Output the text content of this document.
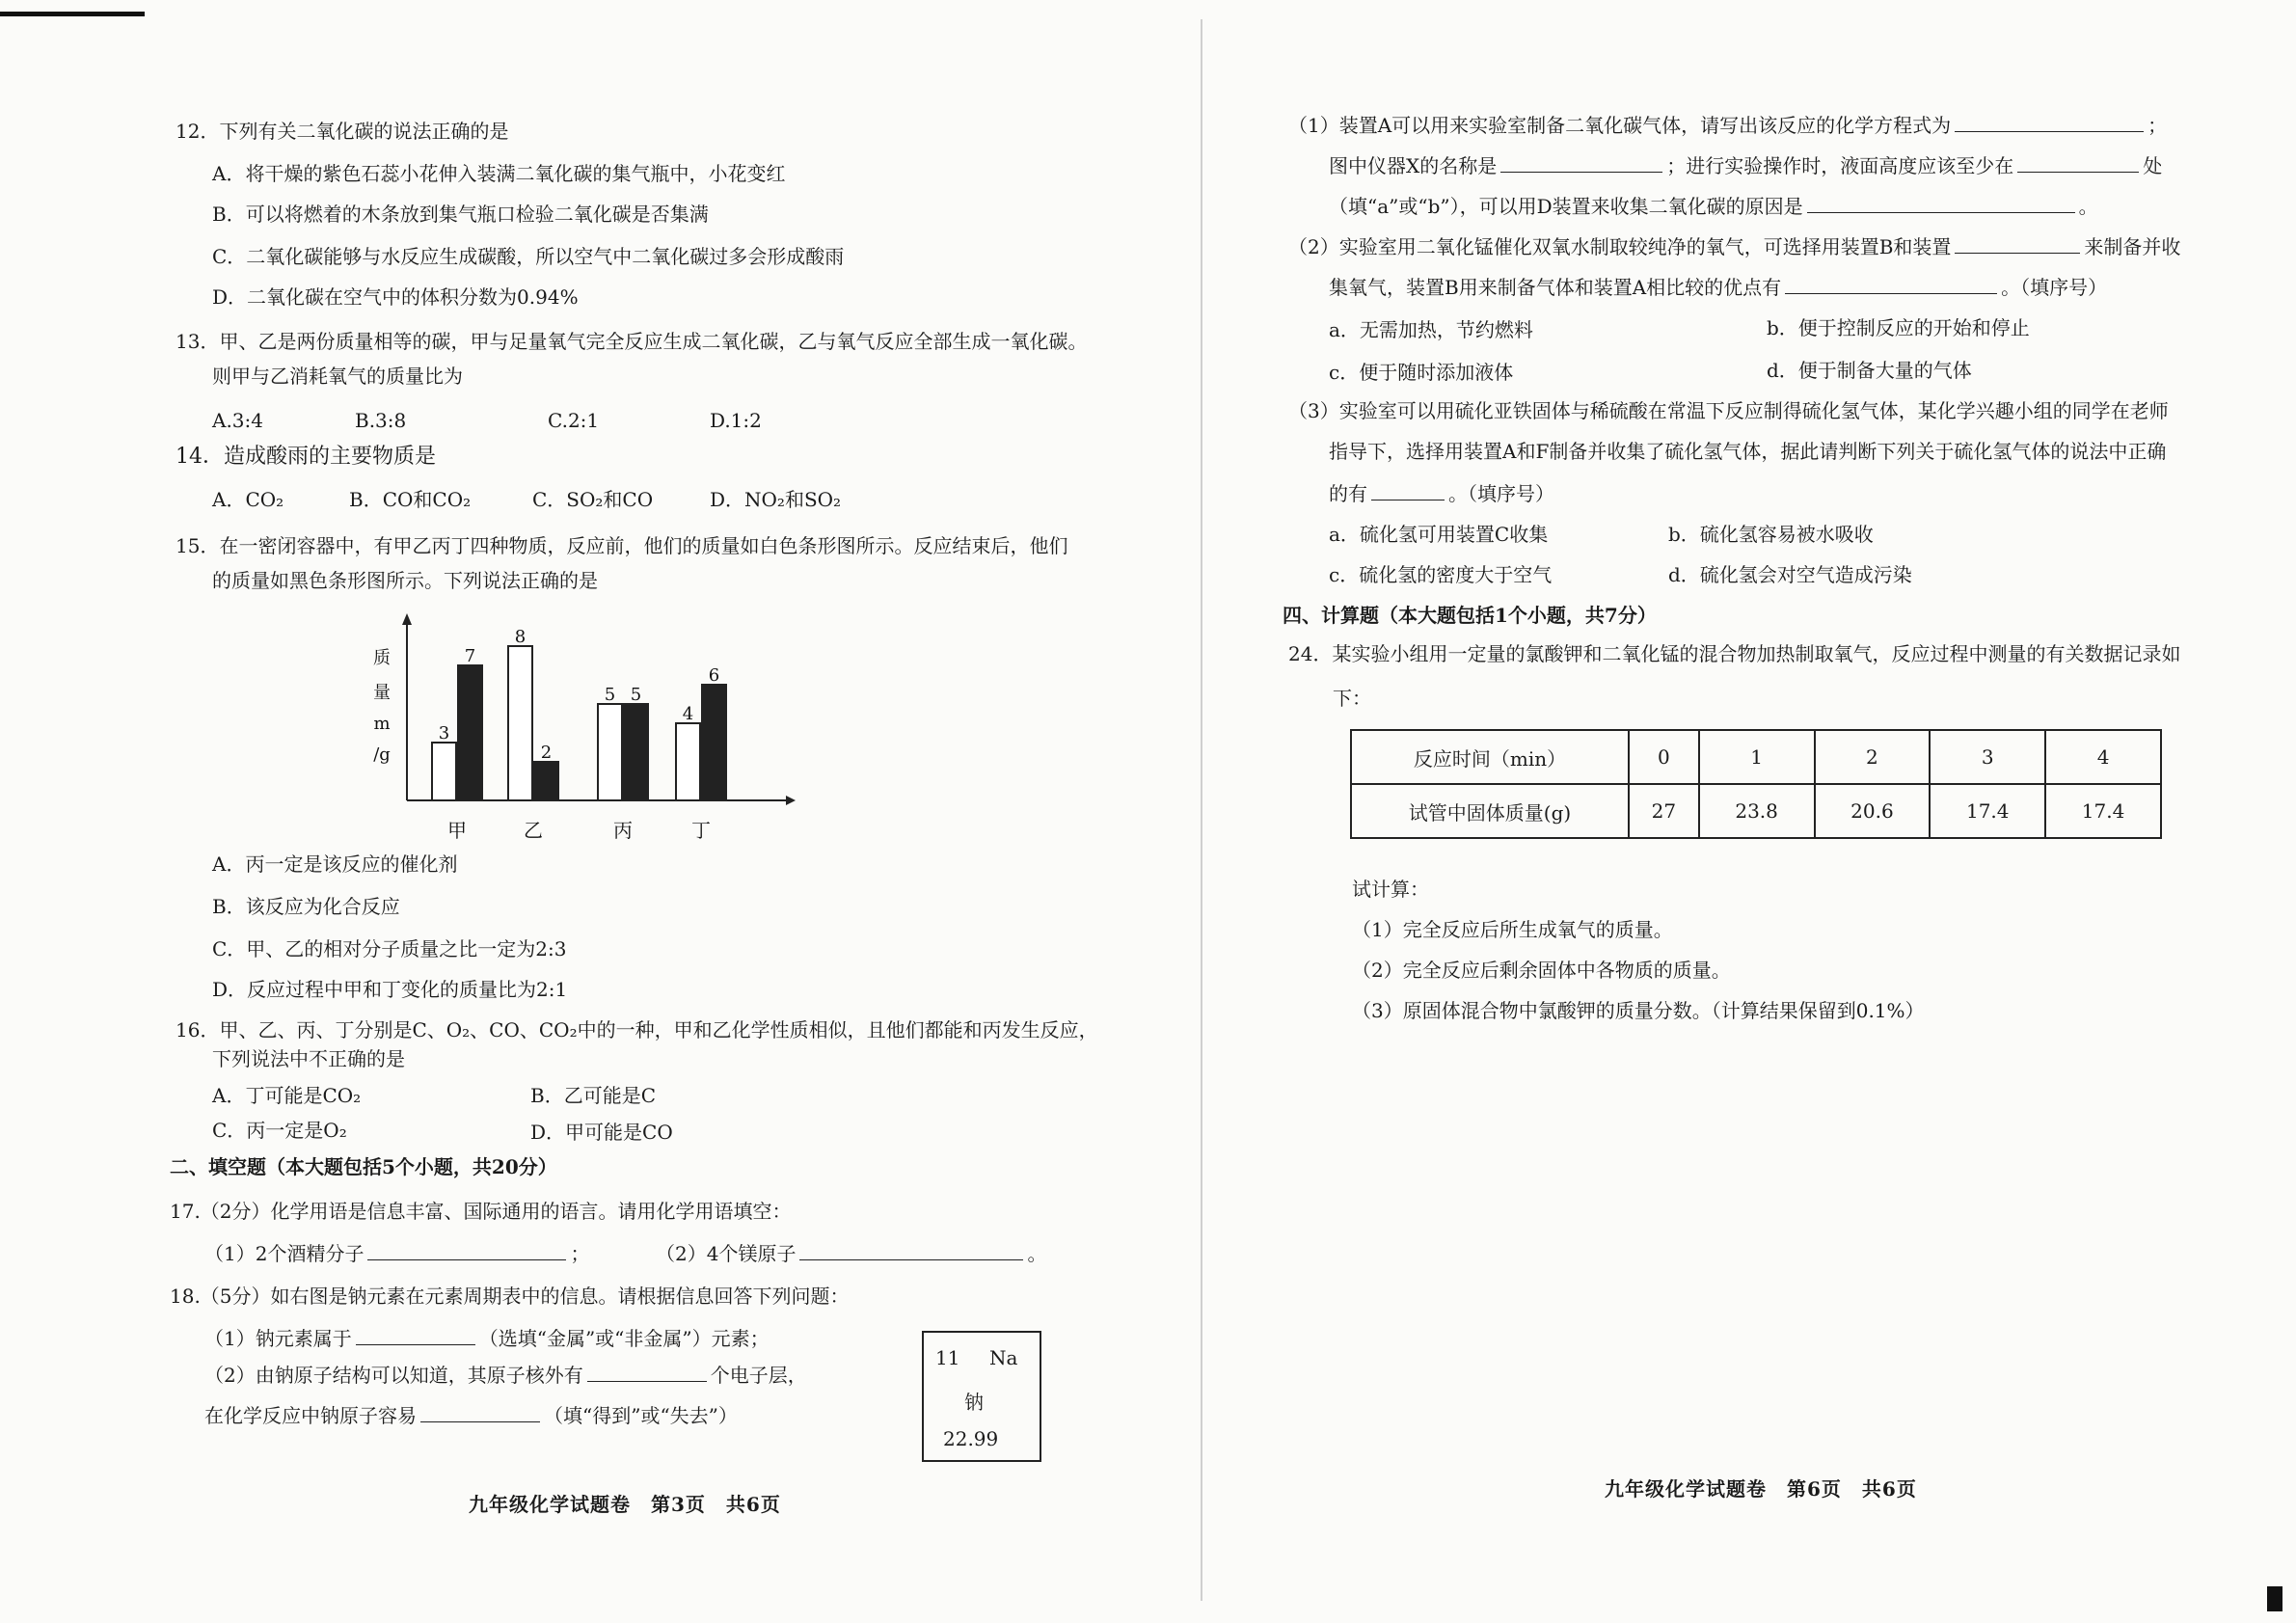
12．下列有关二氧化碳的说法正确的是
A．将干燥的紫色石蕊小花伸入装满二氧化碳的集气瓶中，小花变红
B．可以将燃着的木条放到集气瓶口检验二氧化碳是否集满
C．二氧化碳能够与水反应生成碳酸，所以空气中二氧化碳过多会形成酸雨
D．二氧化碳在空气中的体积分数为0.94%
13．甲、乙是两份质量相等的碳，甲与足量氧气完全反应生成二氧化碳，乙与氧气反应全部生成一氧化碳。
则甲与乙消耗氧气的质量比为
A.3:4	B.3:8	C.2:1	D.1:2
14．造成酸雨的主要物质是
A．CO₂	B．CO和CO₂	C．SO₂和CO	D．NO₂和SO₂
15．在一密闭容器中，有甲乙丙丁四种物质，反应前，他们的质量如白色条形图所示。反应结束后，他们
的质量如黑色条形图所示。下列说法正确的是
质
量
m
/g
3
7
甲
8
2
乙
5 5
丙
4
6
丁
A．丙一定是该反应的催化剂
B．该反应为化合反应
C．甲、乙的相对分子质量之比一定为2:3
D．反应过程中甲和丁变化的质量比为2:1
16．甲、乙、丙、丁分别是C、O₂、CO、CO₂中的一种，甲和乙化学性质相似，且他们都能和丙发生反应，
下列说法中不正确的是
A．丁可能是CO₂	B．乙可能是C
C．丙一定是O₂	D．甲可能是CO
二、填空题（本大题包括5个小题，共20分）
17.（2分）化学用语是信息丰富、国际通用的语言。请用化学用语填空：
（1）2个酒精分子	；	（2）4个镁原子	。
18.（5分）如右图是钠元素在元素周期表中的信息。请根据信息回答下列问题：
（1）钠元素属于	（选填“金属”或“非金属”）元素；
（2）由钠原子结构可以知道，其原子核外有	个电子层，
在化学反应中钠原子容易	（填“得到”或“失去”）
11 Na
钠
22.99
九年级化学试题卷　第3页　共6页
（1）装置A可以用来实验室制备二氧化碳气体，请写出该反应的化学方程式为	；
图中仪器X的名称是	；进行实验操作时，液面高度应该至少在	处
（填“a”或“b”），可以用D装置来收集二氧化碳的原因是	。
（2）实验室用二氧化锰催化双氧水制取较纯净的氧气，可选择用装置B和装置	来制备并收
集氧气，装置B用来制备气体和装置A相比较的优点有	。（填序号）
a．无需加热，节约燃料	b．便于控制反应的开始和停止
c．便于随时添加液体	d．便于制备大量的气体
（3）实验室可以用硫化亚铁固体与稀硫酸在常温下反应制得硫化氢气体，某化学兴趣小组的同学在老师
指导下，选择用装置A和F制备并收集了硫化氢气体，据此请判断下列关于硫化氢气体的说法中正确
的有	。（填序号）
a．硫化氢可用装置C收集	b．硫化氢容易被水吸收
c．硫化氢的密度大于空气	d．硫化氢会对空气造成污染
四、计算题（本大题包括1个小题，共7分）
24．某实验小组用一定量的氯酸钾和二氧化锰的混合物加热制取氧气，反应过程中测量的有关数据记录如
下：
反应时间（min）	0	1	2	3	4
试管中固体质量(g)	27	23.8	20.6	17.4	17.4
试计算：
（1）完全反应后所生成氧气的质量。
（2）完全反应后剩余固体中各物质的质量。
（3）原固体混合物中氯酸钾的质量分数。（计算结果保留到0.1%）
九年级化学试题卷　第6页　共6页
